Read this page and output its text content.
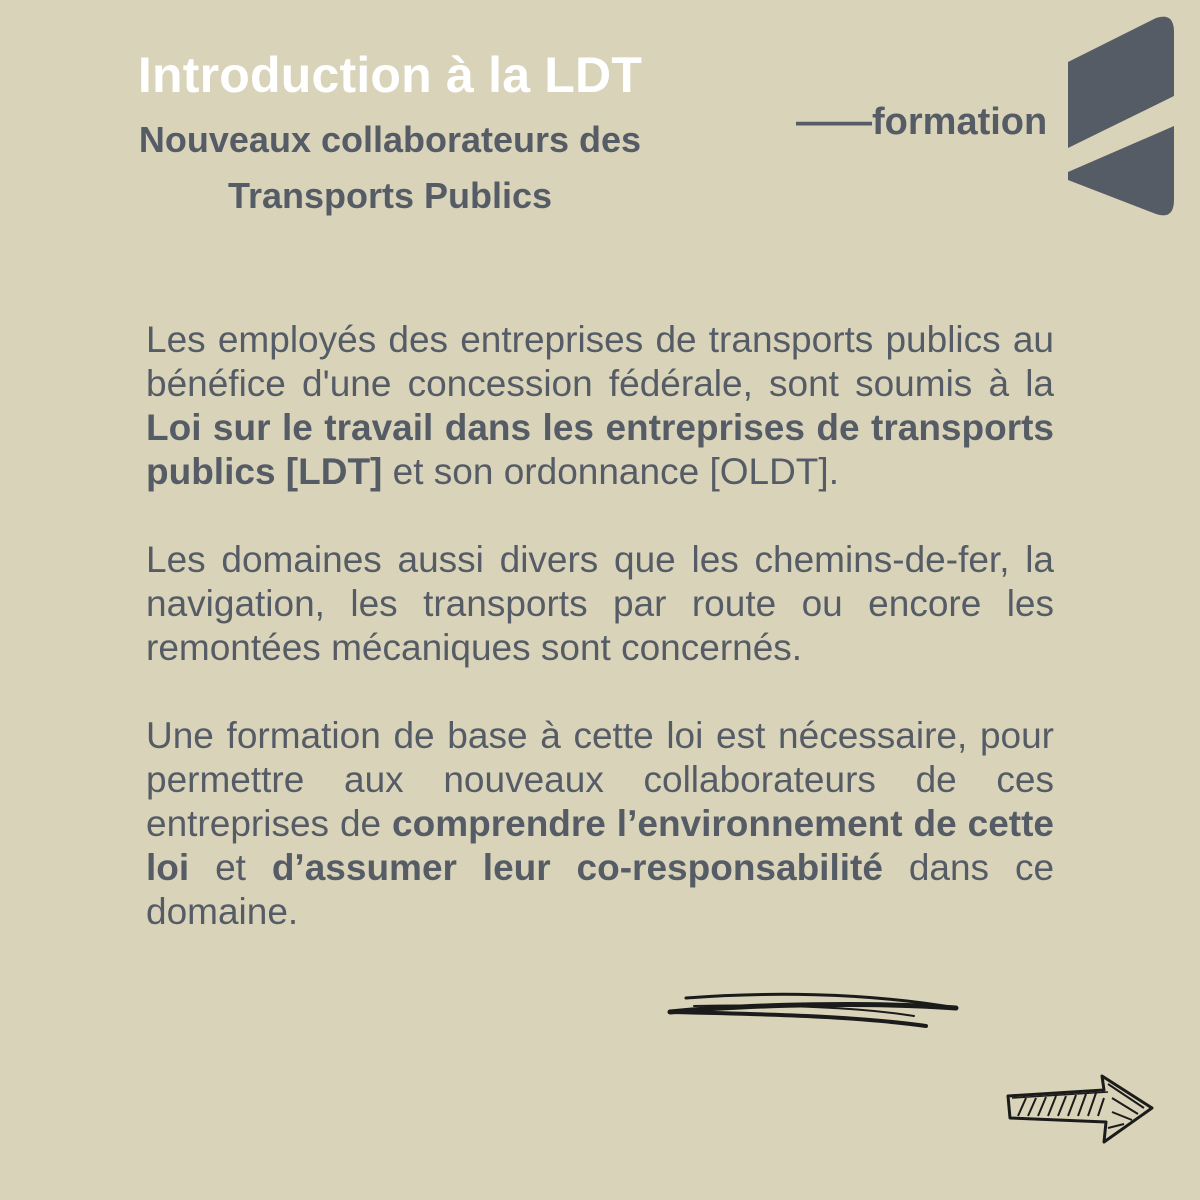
Introduction à la LDT
Nouveaux collaborateurs des
Transports Publics
——formation

Les employés des entreprises de transports publics au bénéfice d'une concession fédérale, sont soumis à la Loi sur le travail dans les entreprises de transports publics [LDT] et son ordonnance [OLDT].

Les domaines aussi divers que les chemins-de-fer, la navigation, les transports par route ou encore les remontées mécaniques sont concernés.

Une formation de base à cette loi est nécessaire, pour permettre aux nouveaux collaborateurs de ces entreprises de comprendre l’environnement de cette loi et d’assumer leur co-responsabilité dans ce domaine.
